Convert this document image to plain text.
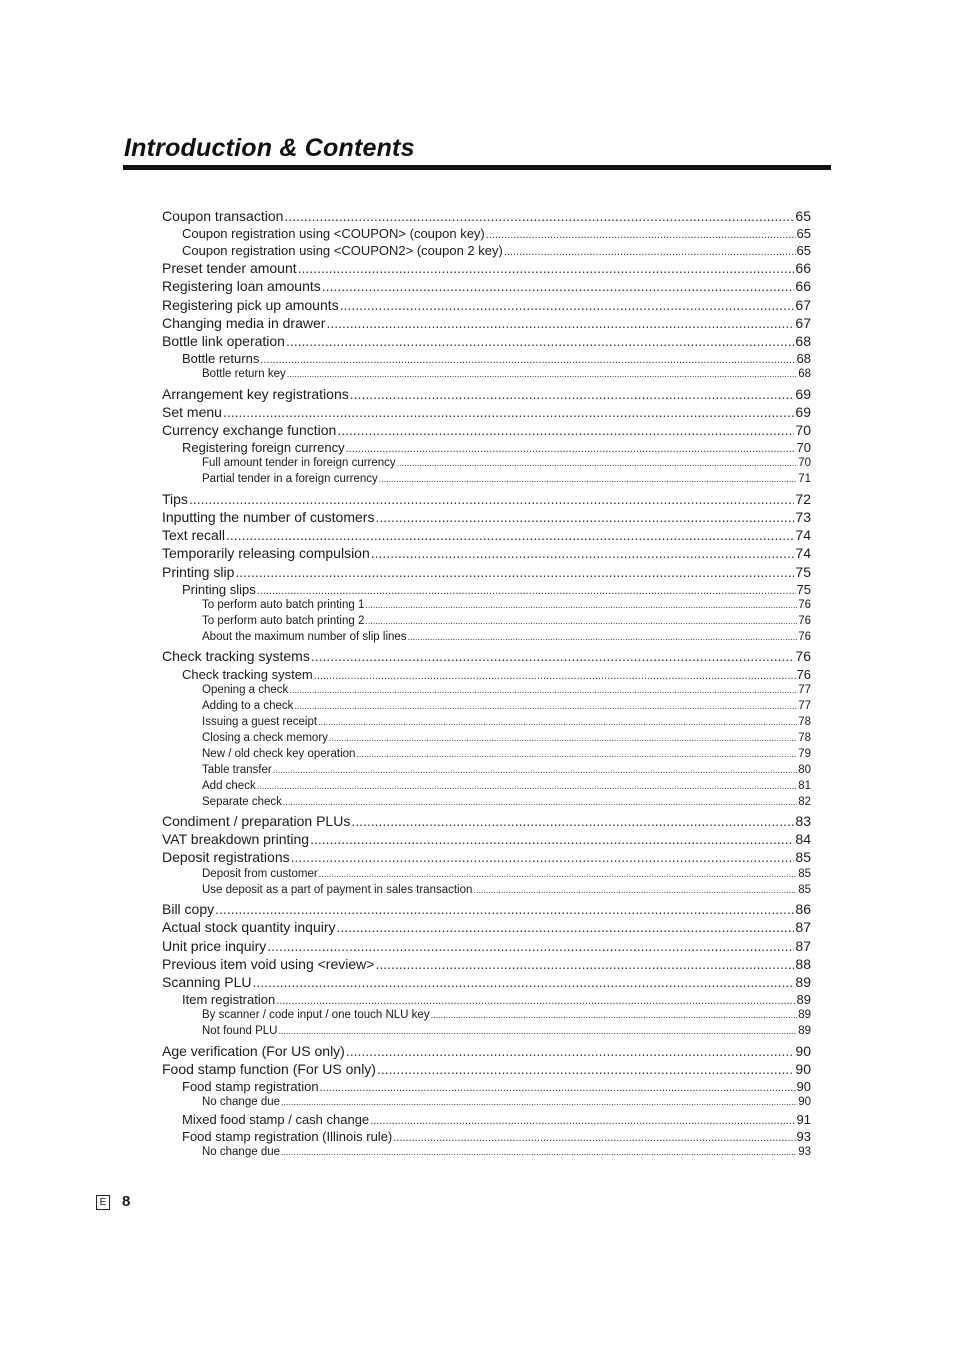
Introduction & Contents
Coupon transaction .....	65
Coupon registration using <COUPON> (coupon key) .....	65
Coupon registration using <COUPON2> (coupon 2 key) .....	65
Preset tender amount .....	66
Registering loan amounts .....	66
Registering pick up amounts .....	67
Changing media in drawer .....	67
Bottle link operation .....	68
Bottle returns .....	68
Bottle return key .....	68
Arrangement key registrations .....	69
Set menu .....	69
Currency exchange function .....	70
Registering foreign currency .....	70
Full amount tender in foreign currency .....	70
Partial tender in a foreign currency .....	71
Tips .....	72
Inputting the number of customers .....	73
Text recall .....	74
Temporarily releasing compulsion .....	74
Printing slip .....	75
Printing slips .....	75
To perform auto batch printing 1 .....	76
To perform auto batch printing 2 .....	76
About the maximum number of slip lines .....	76
Check tracking systems .....	76
Check tracking system .....	76
Opening a check .....	77
Adding to a check .....	77
Issuing a guest receipt .....	78
Closing a check memory .....	78
New / old check key operation .....	79
Table transfer .....	80
Add check .....	81
Separate check .....	82
Condiment / preparation PLUs .....	83
VAT breakdown printing .....	84
Deposit registrations .....	85
Deposit from customer .....	85
Use deposit as a part of payment in sales transaction .....	85
Bill copy .....	86
Actual stock quantity inquiry .....	87
Unit price inquiry .....	87
Previous item void using <review> .....	88
Scanning PLU .....	89
Item registration .....	89
By scanner / code input / one touch NLU key .....	89
Not found PLU .....	89
Age verification (For US only) .....	90
Food stamp function (For US only) .....	90
Food stamp registration .....	90
No change due .....	90
Mixed food stamp / cash change .....	91
Food stamp registration (Illinois rule) .....	93
No change due .....	93
E 8
